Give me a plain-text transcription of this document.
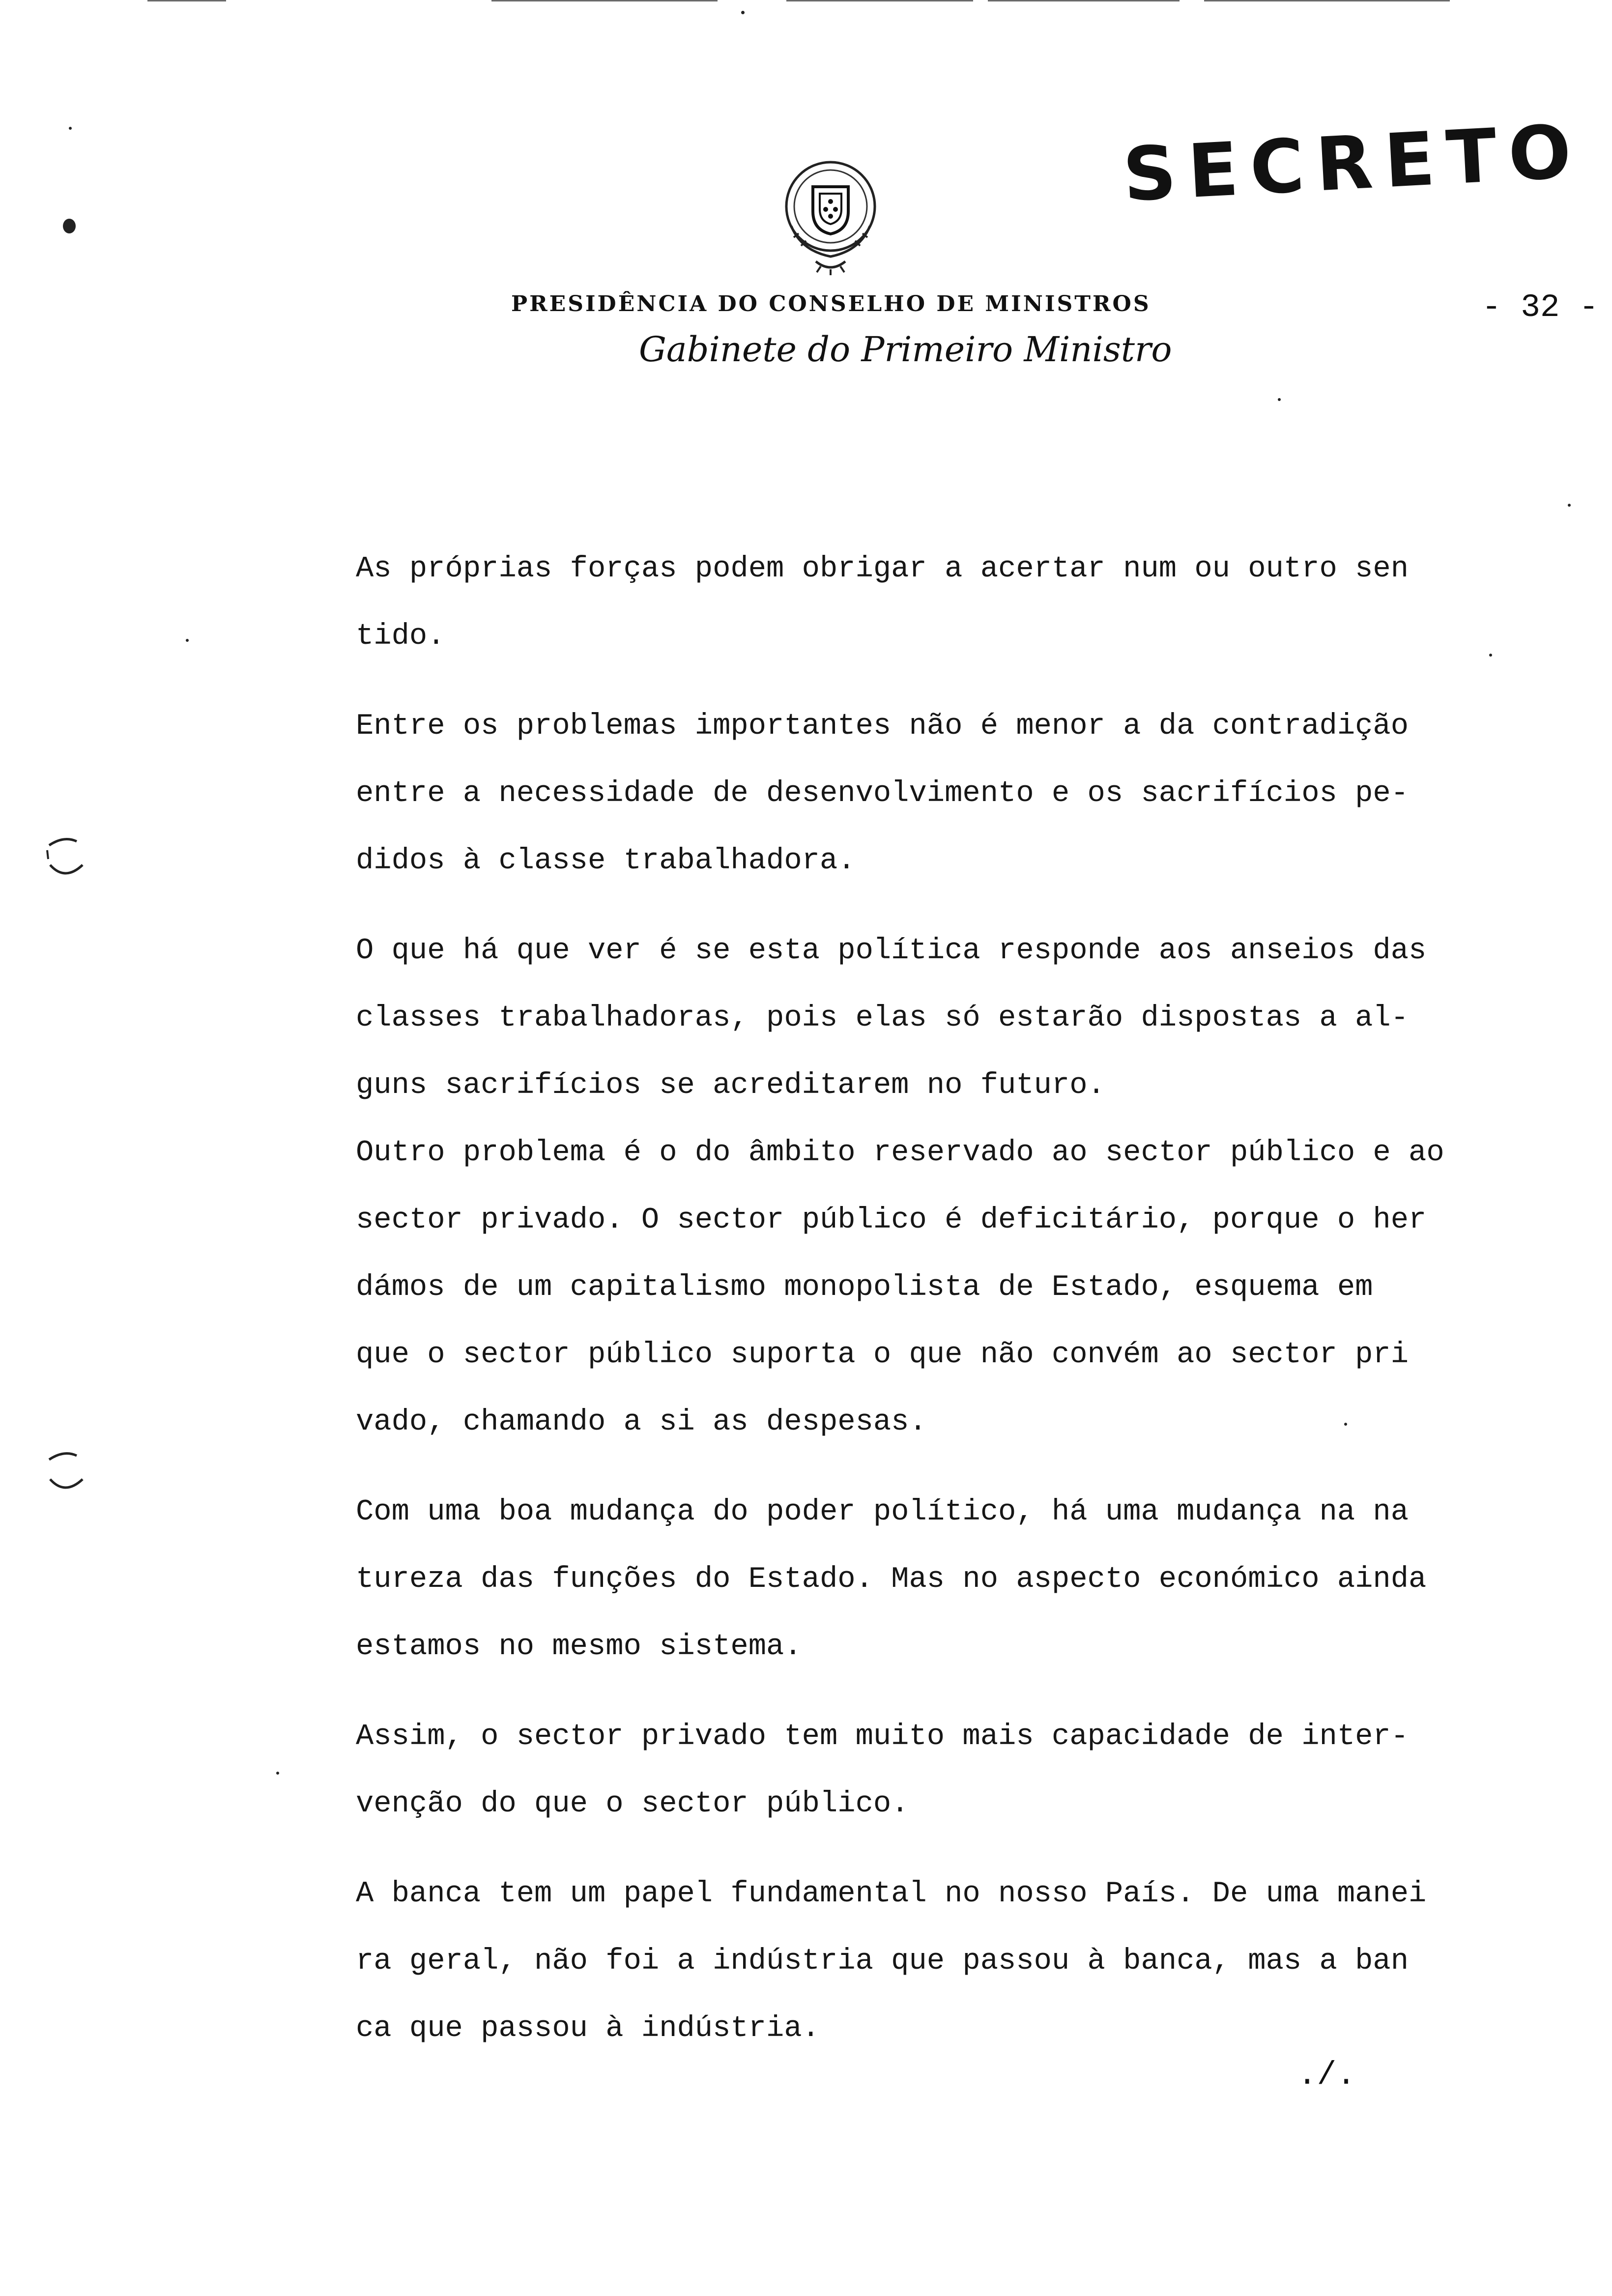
SECRETO
- 32 -
PRESIDÊNCIA DO CONSELHO DE MINISTROS
Gabinete do Primeiro Ministro
As próprias forças podem obrigar a acertar num ou outro sen
tido.
Entre os problemas importantes não é menor a da contradição
entre a necessidade de desenvolvimento e os sacrifícios pe-
didos à classe trabalhadora.
O que há que ver é se esta política responde aos anseios das
classes trabalhadoras, pois elas só estarão dispostas a al-
guns sacrifícios se acreditarem no futuro.
Outro problema é o do âmbito reservado ao sector público e ao
sector privado. O sector público é deficitário, porque o her
dámos de um capitalismo monopolista de Estado, esquema em
que o sector público suporta o que não convém ao sector pri
vado, chamando a si as despesas.
Com uma boa mudança do poder político, há uma mudança na na
tureza das funções do Estado. Mas no aspecto económico ainda
estamos no mesmo sistema.
Assim, o sector privado tem muito mais capacidade de inter-
venção do que o sector público.
A banca tem um papel fundamental no nosso País. De uma manei
ra geral, não foi a indústria que passou à banca, mas a ban
ca que passou à indústria.
./.
